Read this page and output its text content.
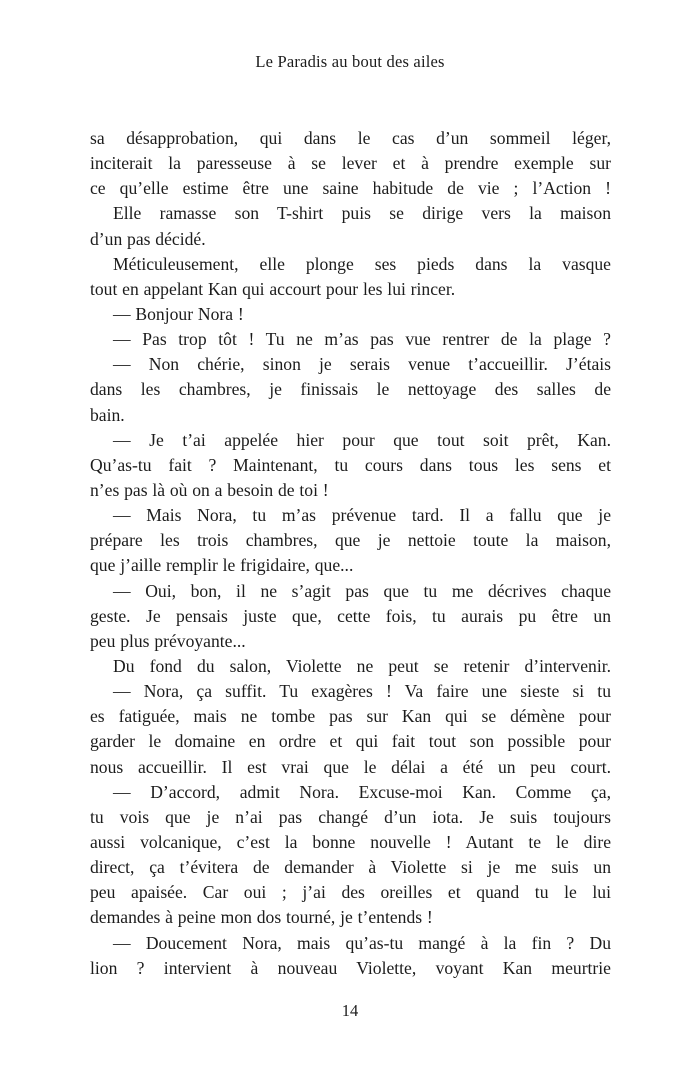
Le Paradis au bout des ailes
sa désapprobation, qui dans le cas d’un sommeil léger,
inciterait la paresseuse à se lever et à prendre exemple sur
ce qu’elle estime être une saine habitude de vie ; l’Action !
Elle ramasse son T-shirt puis se dirige vers la maison
d’un pas décidé.
Méticuleusement, elle plonge ses pieds dans la vasque
tout en appelant Kan qui accourt pour les lui rincer.
— Bonjour Nora !
— Pas trop tôt ! Tu ne m’as pas vue rentrer de la plage ?
— Non chérie, sinon je serais venue t’accueillir. J’étais
dans les chambres, je finissais le nettoyage des salles de
bain.
— Je t’ai appelée hier pour que tout soit prêt, Kan.
Qu’as-tu fait ? Maintenant, tu cours dans tous les sens et
n’es pas là où on a besoin de toi !
— Mais Nora, tu m’as prévenue tard. Il a fallu que je
prépare les trois chambres, que je nettoie toute la maison,
que j’aille remplir le frigidaire, que...
— Oui, bon, il ne s’agit pas que tu me décrives chaque
geste. Je pensais juste que, cette fois, tu aurais pu être un
peu plus prévoyante...
Du fond du salon, Violette ne peut se retenir d’intervenir.
— Nora, ça suffit. Tu exagères ! Va faire une sieste si tu
es fatiguée, mais ne tombe pas sur Kan qui se démène pour
garder le domaine en ordre et qui fait tout son possible pour
nous accueillir. Il est vrai que le délai a été un peu court.
— D’accord, admit Nora. Excuse-moi Kan. Comme ça,
tu vois que je n’ai pas changé d’un iota. Je suis toujours
aussi volcanique, c’est la bonne nouvelle ! Autant te le dire
direct, ça t’évitera de demander à Violette si je me suis un
peu apaisée. Car oui ; j’ai des oreilles et quand tu le lui
demandes à peine mon dos tourné, je t’entends !
— Doucement Nora, mais qu’as-tu mangé à la fin ? Du
lion ? intervient à nouveau Violette, voyant Kan meurtrie
14
